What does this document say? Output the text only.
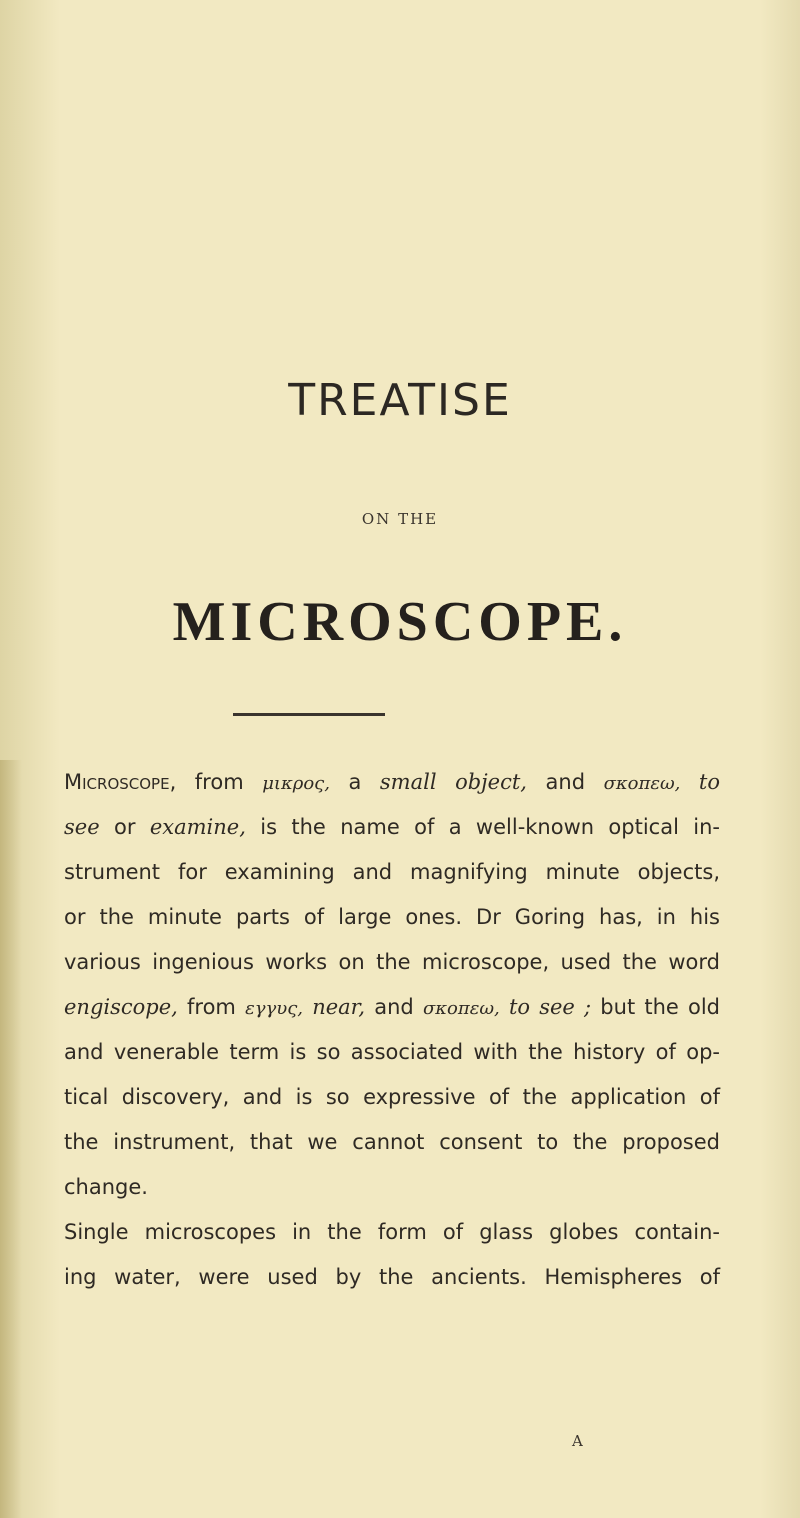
TREATISE
ON THE
MICROSCOPE.
Microscope, from μικρος, a small object, and σκοπεω, to
see or examine, is the name of a well-known optical in-
strument for examining and magnifying minute objects,
or the minute parts of large ones. Dr Goring has, in his
various ingenious works on the microscope, used the word
engiscope, from εγγυς, near, and σκοπεω, to see ; but the old
and venerable term is so associated with the history of op-
tical discovery, and is so expressive of the application of
the instrument, that we cannot consent to the proposed
change.
Single microscopes in the form of glass globes contain-
ing water, were used by the ancients. Hemispheres of
A
